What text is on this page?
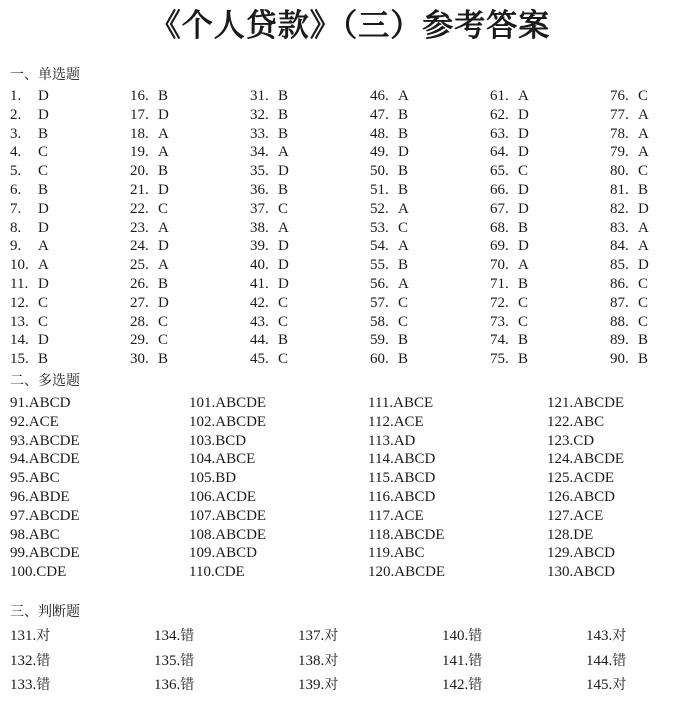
《个人贷款》（三）参考答案
一、单选题
1. D
2. D
3. B
4. C
5. C
6. B
7. D
8. D
9. A
10. A
11. D
12. C
13. C
14. D
15. B
16. B
17. D
18. A
19. A
20. B
21. D
22. C
23. A
24. D
25. A
26. B
27. D
28. C
29. C
30. B
31. B
32. B
33. B
34. A
35. D
36. B
37. C
38. A
39. D
40. D
41. D
42. C
43. C
44. B
45. C
46. A
47. B
48. B
49. D
50. B
51. B
52. A
53. C
54. A
55. B
56. A
57. C
58. C
59. B
60. B
61. A
62. D
63. D
64. D
65. C
66. D
67. D
68. B
69. D
70. A
71. B
72. C
73. C
74. B
75. B
76. C
77. A
78. A
79. A
80. C
81. B
82. D
83. A
84. A
85. D
86. C
87. C
88. C
89. B
90. B
二、多选题
91.ABCD
92.ACE
93.ABCDE
94.ABCDE
95.ABC
96.ABDE
97.ABCDE
98.ABC
99.ABCDE
100.CDE
101.ABCDE
102.ABCDE
103.BCD
104.ABCE
105.BD
106.ACDE
107.ABCDE
108.ABCDE
109.ABCD
110.CDE
111.ABCE
112.ACE
113.AD
114.ABCD
115.ABCD
116.ABCD
117.ACE
118.ABCDE
119.ABC
120.ABCDE
121.ABCDE
122.ABC
123.CD
124.ABCDE
125.ACDE
126.ABCD
127.ACE
128.DE
129.ABCD
130.ABCD
三、判断题
131.对
132.错
133.错
134.错
135.错
136.错
137.对
138.对
139.对
140.错
141.错
142.错
143.对
144.错
145.对
